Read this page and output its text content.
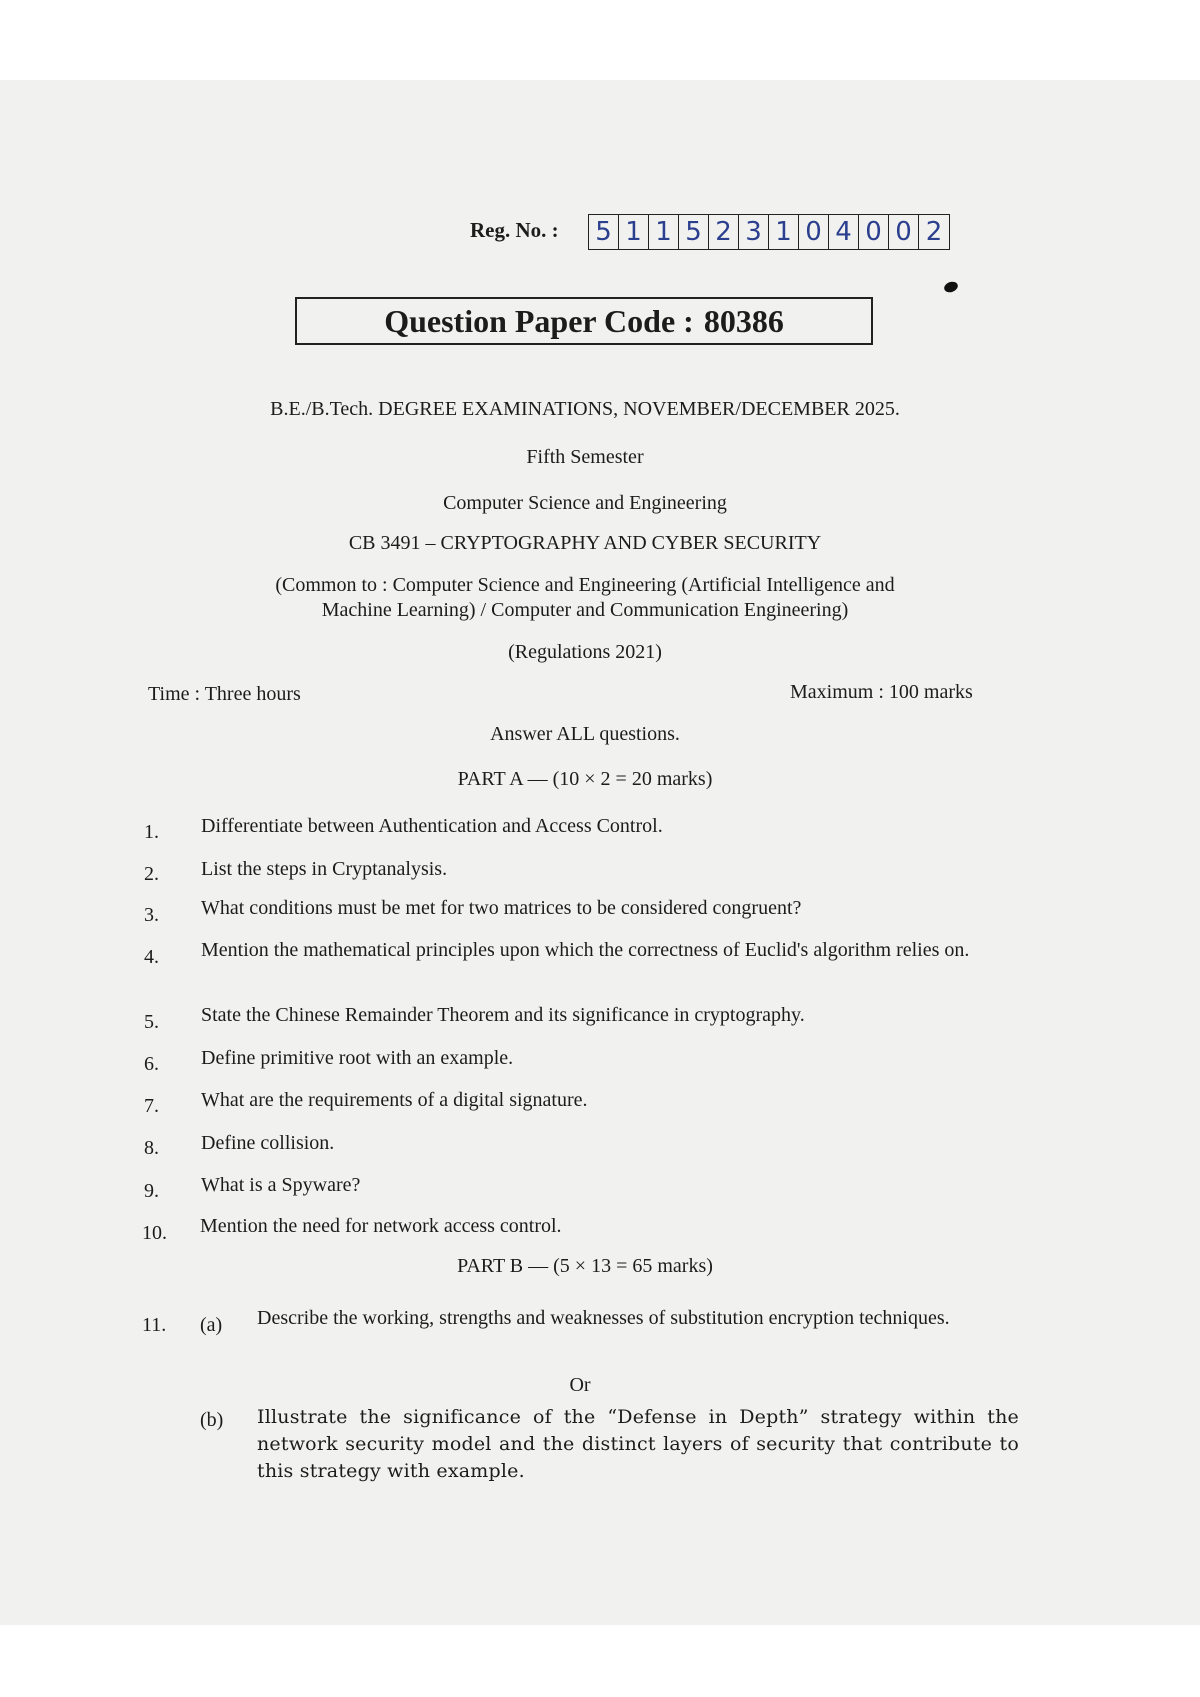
Reg. No. : 5 1 1 5 2 3 1 0 4 0 0 2
Question Paper Code : 80386
B.E./B.Tech. DEGREE EXAMINATIONS, NOVEMBER/DECEMBER 2025.
Fifth Semester
Computer Science and Engineering
CB 3491 – CRYPTOGRAPHY AND CYBER SECURITY
(Common to : Computer Science and Engineering (Artificial Intelligence and
Machine Learning) / Computer and Communication Engineering)
(Regulations 2021)
Time : Three hours	Maximum : 100 marks
Answer ALL questions.
PART A — (10 × 2 = 20 marks)
1. Differentiate between Authentication and Access Control.
2. List the steps in Cryptanalysis.
3. What conditions must be met for two matrices to be considered congruent?
4. Mention the mathematical principles upon which the correctness of Euclid's algorithm relies on.
5. State the Chinese Remainder Theorem and its significance in cryptography.
6. Define primitive root with an example.
7. What are the requirements of a digital signature.
8. Define collision.
9. What is a Spyware?
10. Mention the need for network access control.
PART B — (5 × 13 = 65 marks)
11. (a) Describe the working, strengths and weaknesses of substitution encryption techniques.
Or
(b) Illustrate the significance of the “Defense in Depth” strategy within the network security model and the distinct layers of security that contribute to this strategy with example.
